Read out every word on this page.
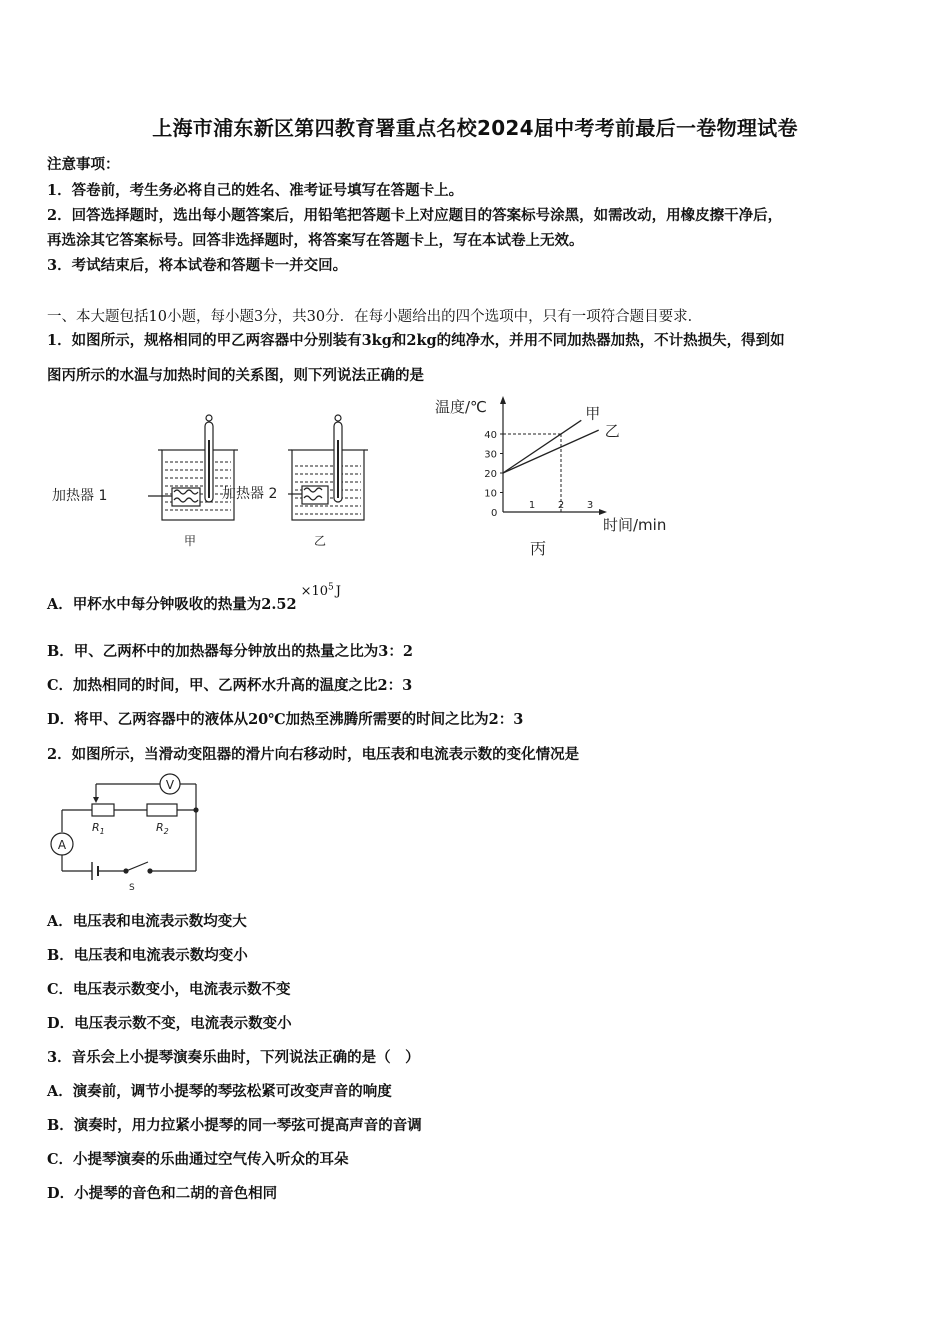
上海市浦东新区第四教育署重点名校2024届中考考前最后一卷物理试卷
注意事项：
1．答卷前，考生务必将自己的姓名、准考证号填写在答题卡上。
2．回答选择题时，选出每小题答案后，用铅笔把答题卡上对应题目的答案标号涂黑，如需改动，用橡皮擦干净后，
再选涂其它答案标号。回答非选择题时，将答案写在答题卡上，写在本试卷上无效。
3．考试结束后，将本试卷和答题卡一并交回。
一、本大题包括10小题，每小题3分，共30分．在每小题给出的四个选项中，只有一项符合题目要求．
1．如图所示，规格相同的甲乙两容器中分别装有3kg和2kg的纯净水，并用不同加热器加热，不计热损失，得到如
图丙所示的水温与加热时间的关系图，则下列说法正确的是
加热器 1
甲
加热器 2
乙
10
20
30
40
1 2 3
甲
乙
温度/℃
时间/min
0
丙
A．甲杯水中每分钟吸收的热量为$2.52\times 10^5$ J
B．甲、乙两杯中的加热器每分钟放出的热量之比为3：2
C．加热相同的时间，甲、乙两杯水升高的温度之比2：3
D．将甲、乙两容器中的液体从20℃加热至沸腾所需要的时间之比为2：3
2．如图所示，当滑动变阻器的滑片向右移动时，电压表和电流表示数的变化情况是
V
A
$R_1$	$R_2$
S
A．电压表和电流表示数均变大
B．电压表和电流表示数均变小
C．电压表示数变小，电流表示数不变
D．电压表示数不变，电流表示数变小
3．音乐会上小提琴演奏乐曲时，下列说法正确的是（　）
A．演奏前，调节小提琴的琴弦松紧可改变声音的响度
B．演奏时，用力拉紧小提琴的同一琴弦可提高声音的音调
C．小提琴演奏的乐曲通过空气传入听众的耳朵
D．小提琴的音色和二胡的音色相同
